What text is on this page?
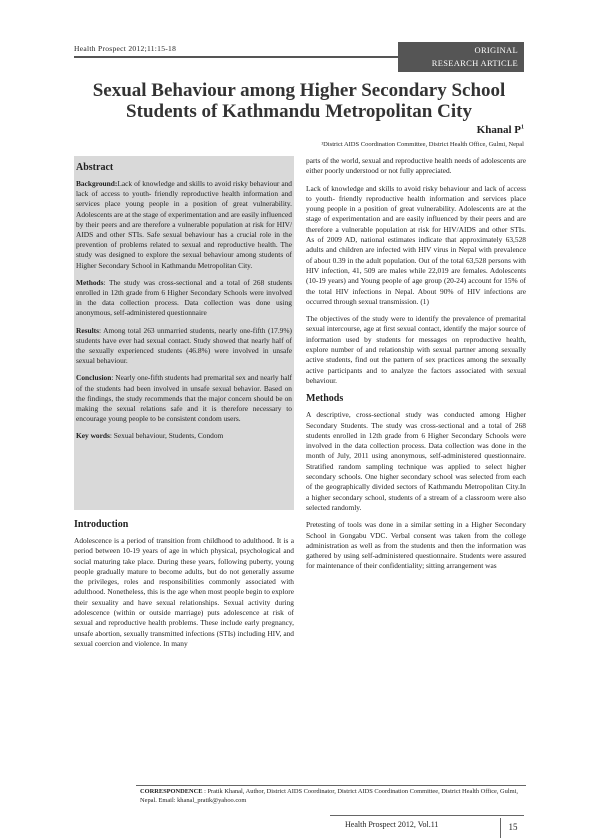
Health Prospect 2012;11:15-18	ORIGINAL
RESEARCH ARTICLE
Sexual Behaviour among Higher Secondary School Students of Kathmandu Metropolitan City
Khanal $P^1$
¹District AIDS Coordination Committee, District Health Office, Gulmi, Nepal
Abstract

Background:Lack of knowledge and skills to avoid risky behaviour and lack of access to youth- friendly reproductive health information and services place young people in a position of great vulnerability. Adolescents are at the stage of experimentation and are easily influenced by their peers and are therefore a vulnerable population at risk for HIV/ AIDS and other STIs. Safe sexual behaviour has a crucial role in the prevention of problems related to sexual and reproductive health. The study was designed to explore the sexual behaviour among students of Higher Secondary School in Kathmandu Metropolitan City.

Methods: The study was cross-sectional and a total of 268 students enrolled in 12th grade from 6 Higher Secondary Schools were involved in the data collection process. Data collection was done using anonymous, self-administered questionnaire

Results: Among total 263 unmarried students, nearly one-fifth (17.9%) students have ever had sexual contact. Study showed that nearly half of the sexually experienced students (46.8%) were involved in unsafe sexual behaviour.

Conclusion: Nearly one-fifth students had premarital sex and nearly half of the students had been involved in unsafe sexual behavior. Based on the findings, the study recommends that the major concern should be on making the sexual relations safe and it is therefore necessary to encourage young people to be consistent condom users.

Key words: Sexual behaviour, Students, Condom

Introduction

Adolescence is a period of transition from childhood to adulthood. It is a period between 10-19 years of age in which physical, psychological and social maturing take place. During these years, following puberty, young people gradually mature to become adults, but do not generally assume the privileges, roles and responsibilities commonly associated with adulthood. Nonetheless, this is the age when most people begin to explore their sexuality and have sexual relationships. Sexual activity during adolescence (within or outside marriage) puts adolescence at risk of sexual and reproductive health problems. These include early pregnancy, unsafe abortion, sexually transmitted infections (STIs) including HIV, and sexual coercion and violence. In many

parts of the world, sexual and reproductive health needs of adolescents are either poorly understood or not fully appreciated.

Lack of knowledge and skills to avoid risky behaviour and lack of access to youth- friendly reproductive health information and services place young people in a position of great vulnerability. Adolescents are at the stage of experimentation and are easily influenced by their peers and are therefore a vulnerable population at risk for HIV/AIDS and other STIs. As of 2009 AD, national estimates indicate that approximately 63,528 adults and children are infected with HIV virus in Nepal with prevalence of about 0.39 in the adult population. Out of the total 63,528 persons with HIV infection, 41, 509 are males while 22,019 are females. Adolescents (10-19 years) and Young people of age group (20-24) account for 15% of the total HIV infections in Nepal. About 90% of HIV infections are occurred through sexual transmission. (1)

The objectives of the study were to identify the prevalence of premarital sexual intercourse, age at first sexual contact, identify the major source of information used by students for messages on reproductive health, explore number of and relationship with sexual partner among sexually active students, find out the pattern of sex practices among the sexually active participants and to analyze the factors associated with sexual behaviour.

Methods

A descriptive, cross-sectional study was conducted among Higher Secondary Students. The study was cross-sectional and a total of 268 students enrolled in 12th grade from 6 Higher Secondary Schools were involved in the data collection process. Data collection was done in the month of July, 2011 using anonymous, self-administered questionnaire. Stratified random sampling technique was applied to select higher secondary schools. One higher secondary school was selected from each of the geographically divided sectors of Kathmandu Metropolitan City.In a higher secondary school, students of a stream of a classroom were also selected randomly.

Pretesting of tools was done in a similar setting in a Higher Secondary School in Gongabu VDC. Verbal consent was taken from the college administration as well as from the students and then the information was gathered by using self-administered questionnaire. Students were assured for maintenance of their confidentiality; sitting arrangement was

CORRESPONDENCE : Pratik Khanal, Author, District AIDS Coordinator, District AIDS Coordination Committee, District Health Office, Gulmi, Nepal. Email: khanal_pratik@yahoo.com
Health Prospect 2012, Vol.11	15
